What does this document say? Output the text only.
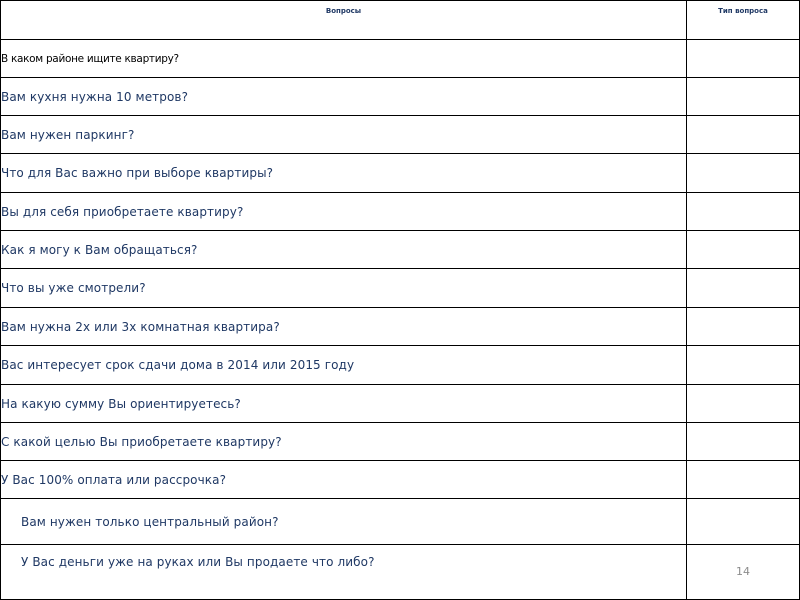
Вопросы	Тип вопроса
В каком районе ищите квартиру?	
Вам кухня нужна 10 метров?	
Вам нужен паркинг?	
Что для Вас важно при выборе квартиры?	
Вы для себя приобретаете квартиру?	
Как я могу к Вам обращаться?	
Что вы уже смотрели?	
Вам нужна 2х или 3х комнатная квартира?	
Вас интересует срок сдачи дома в 2014 или 2015 году	
На какую сумму Вы ориентируетесь?	
С какой целью Вы приобретаете квартиру?	
У Вас 100% оплата или рассрочка?	
Вам нужен только центральный район?	
У Вас деньги уже на руках или Вы продаете что либо?	
14
